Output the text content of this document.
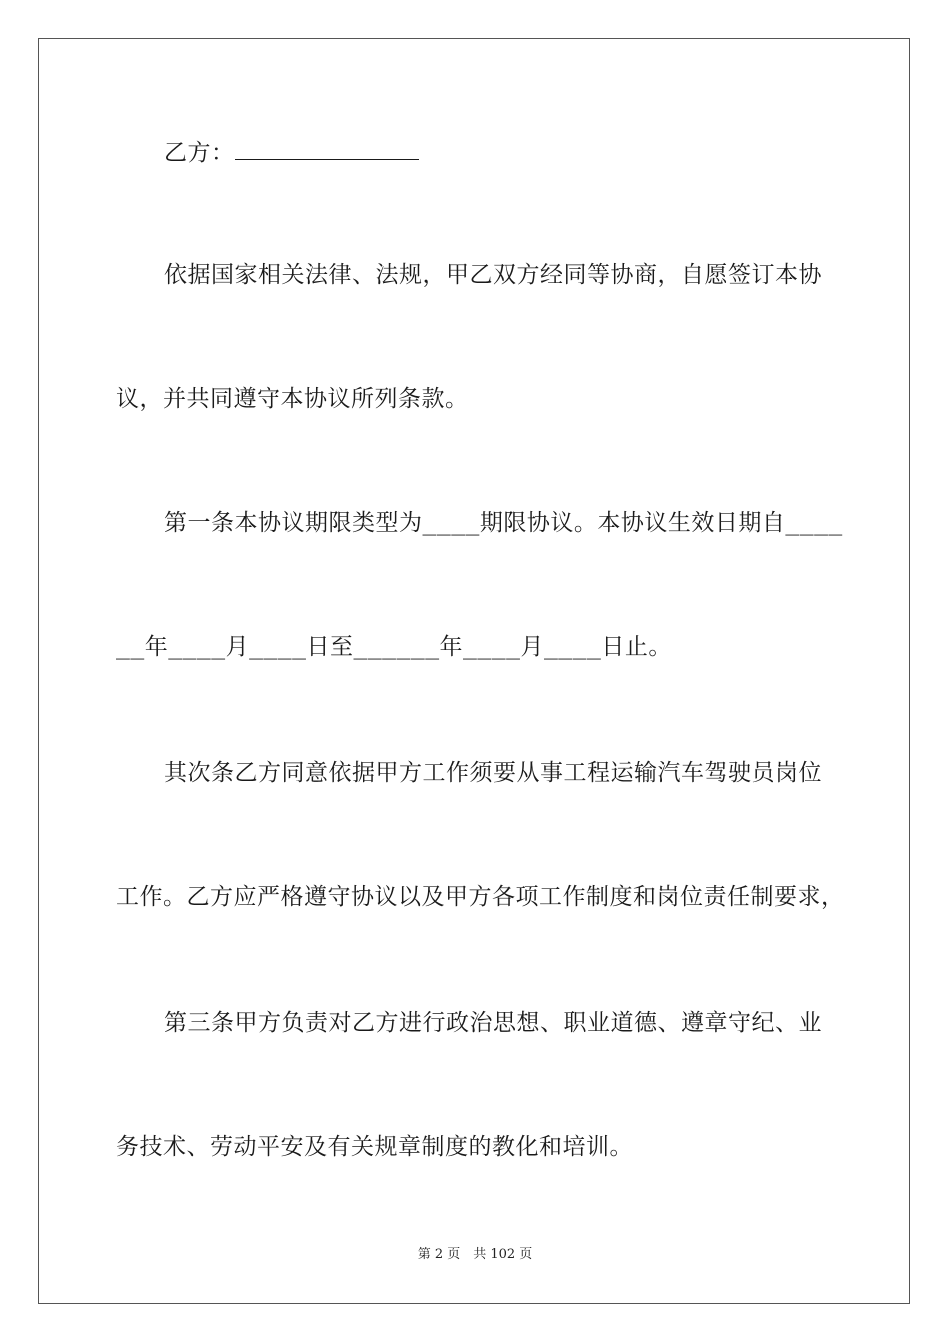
乙方：
依据国家相关法律、法规，甲乙双方经同等协商，自愿签订本协
议，并共同遵守本协议所列条款。
第一条本协议期限类型为____期限协议。本协议生效日期自____
__年____月____日至______年____月____日止。
其次条乙方同意依据甲方工作须要从事工程运输汽车驾驶员岗位
工作。乙方应严格遵守协议以及甲方各项工作制度和岗位责任制要求，
第三条甲方负责对乙方进行政治思想、职业道德、遵章守纪、业
务技术、劳动平安及有关规章制度的教化和培训。
第 2 页　共 102 页
